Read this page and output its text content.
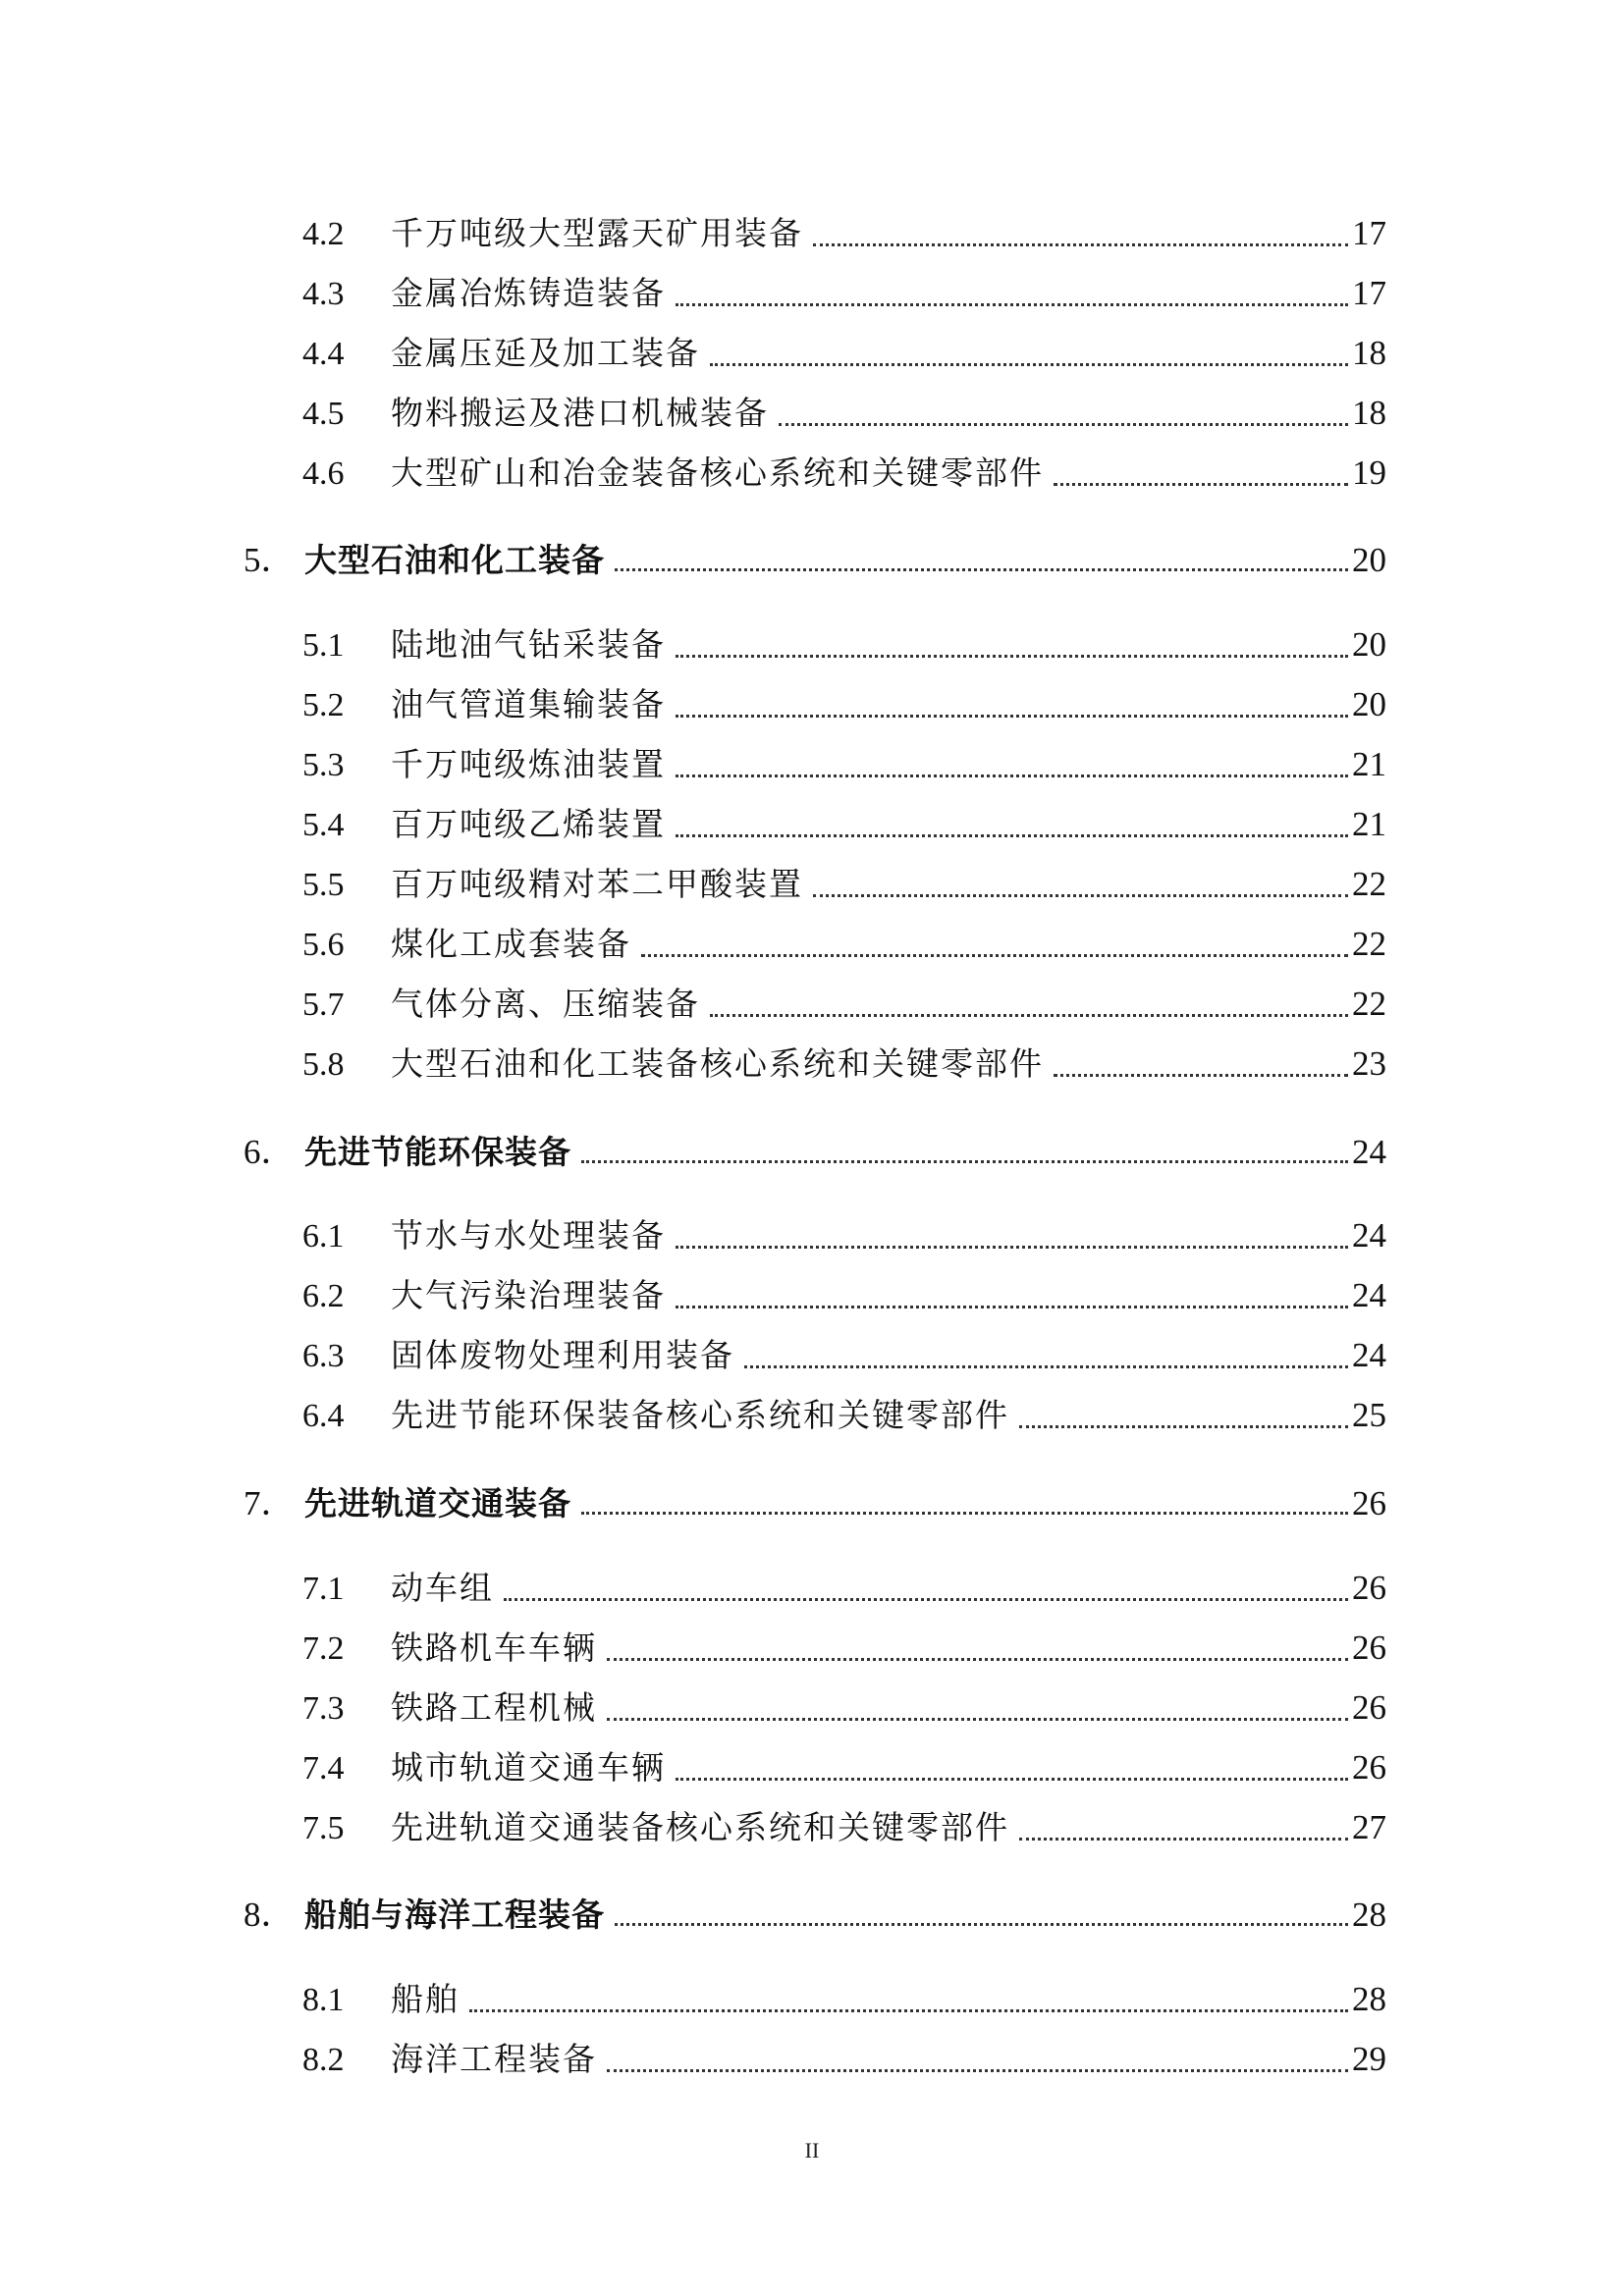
4.2	千万吨级大型露天矿用装备	17
4.3	金属冶炼铸造装备	17
4.4	金属压延及加工装备	18
4.5	物料搬运及港口机械装备	18
4.6	大型矿山和冶金装备核心系统和关键零部件	19
5． 大型石油和化工装备	20
5.1	陆地油气钻采装备	20
5.2	油气管道集输装备	20
5.3	千万吨级炼油装置	21
5.4	百万吨级乙烯装置	21
5.5	百万吨级精对苯二甲酸装置	22
5.6	煤化工成套装备	22
5.7	气体分离、压缩装备	22
5.8	大型石油和化工装备核心系统和关键零部件	23
6． 先进节能环保装备	24
6.1	节水与水处理装备	24
6.2	大气污染治理装备	24
6.3	固体废物处理利用装备	24
6.4	先进节能环保装备核心系统和关键零部件	25
7． 先进轨道交通装备	26
7.1	动车组	26
7.2	铁路机车车辆	26
7.3	铁路工程机械	26
7.4	城市轨道交通车辆	26
7.5	先进轨道交通装备核心系统和关键零部件	27
8． 船舶与海洋工程装备	28
8.1	船舶	28
8.2	海洋工程装备	29
II
